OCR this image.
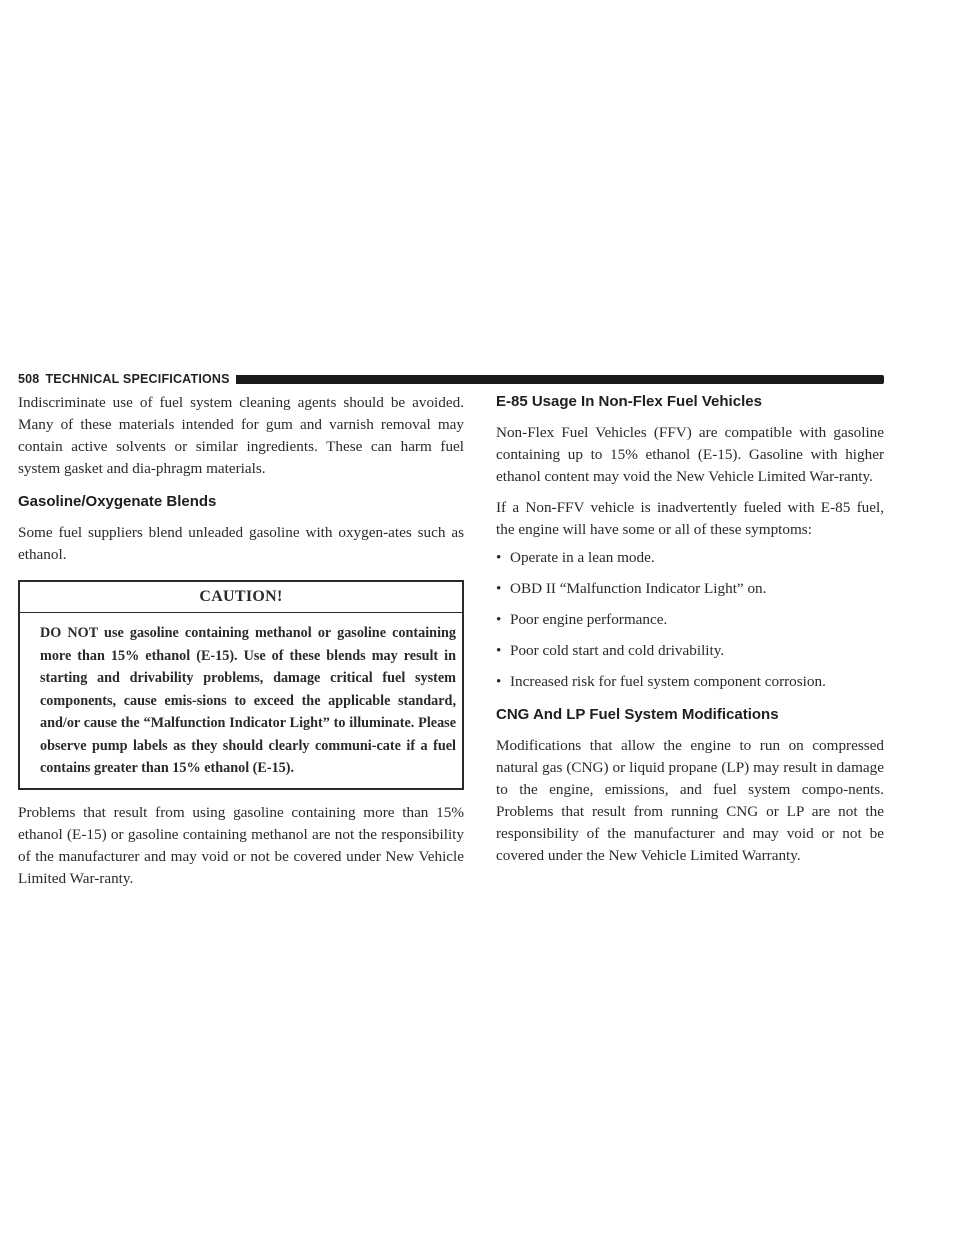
508 TECHNICAL SPECIFICATIONS

Indiscriminate use of fuel system cleaning agents should be avoided. Many of these materials intended for gum and varnish removal may contain active solvents or similar ingredients. These can harm fuel system gasket and dia-phragm materials.

Gasoline/Oxygenate Blends

Some fuel suppliers blend unleaded gasoline with oxygen-ates such as ethanol.

CAUTION!

DO NOT use gasoline containing methanol or gasoline containing more than 15% ethanol (E-15). Use of these blends may result in starting and drivability problems, damage critical fuel system components, cause emis-sions to exceed the applicable standard, and/or cause the “Malfunction Indicator Light” to illuminate. Please observe pump labels as they should clearly communi-cate if a fuel contains greater than 15% ethanol (E-15).

Problems that result from using gasoline containing more than 15% ethanol (E-15) or gasoline containing methanol are not the responsibility of the manufacturer and may void or not be covered under New Vehicle Limited War-ranty.

E-85 Usage In Non-Flex Fuel Vehicles

Non-Flex Fuel Vehicles (FFV) are compatible with gasoline containing up to 15% ethanol (E-15). Gasoline with higher ethanol content may void the New Vehicle Limited War-ranty.

If a Non-FFV vehicle is inadvertently fueled with E-85 fuel, the engine will have some or all of these symptoms:

• Operate in a lean mode.
• OBD II “Malfunction Indicator Light” on.
• Poor engine performance.
• Poor cold start and cold drivability.
• Increased risk for fuel system component corrosion.
CNG And LP Fuel System Modifications

Modifications that allow the engine to run on compressed natural gas (CNG) or liquid propane (LP) may result in damage to the engine, emissions, and fuel system compo-nents. Problems that result from running CNG or LP are not the responsibility of the manufacturer and may void or not be covered under the New Vehicle Limited Warranty.
